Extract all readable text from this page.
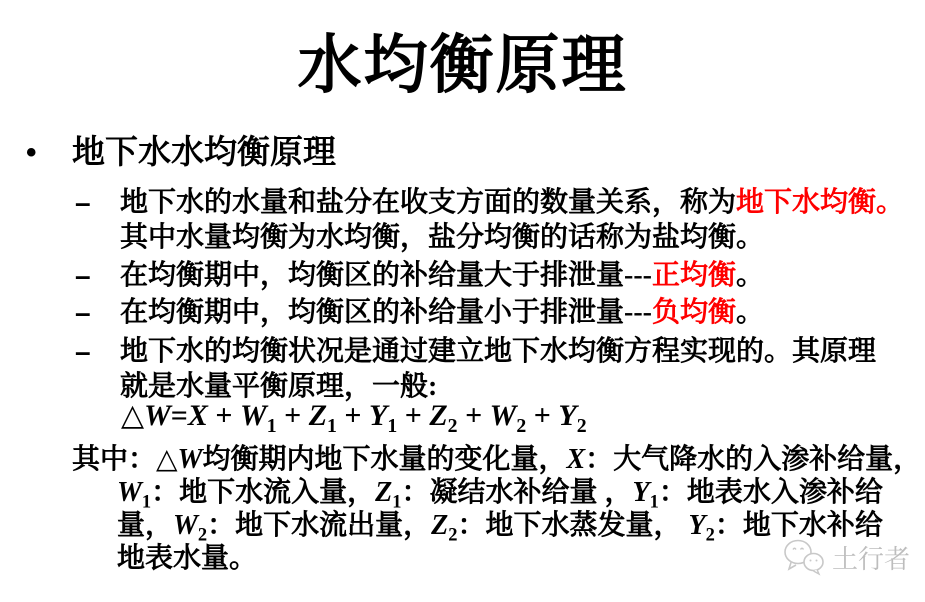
水均衡原理
• 地下水水均衡原理
– 地下水的水量和盐分在收支方面的数量关系，称为地下水均衡。
其中水量均衡为水均衡，盐分均衡的话称为盐均衡。
– 在均衡期中，均衡区的补给量大于排泄量---正均衡。
– 在均衡期中，均衡区的补给量小于排泄量---负均衡。
– 地下水的均衡状况是通过建立地下水均衡方程实现的。其原理
就是水量平衡原理，一般:
△W=X + $W_1 + Z_1 + Y_1 + Z_2 + W_2 + Y_2$
其中：△W均衡期内地下水量的变化量，X：大气降水的入渗补给量，
$W_1$：地下水流入量，$Z_1$：凝结水补给量 ，$Y_1$：地表水入渗补给
量，$W_2$：地下水流出量，$Z_2$：地下水蒸发量， $Y_2$：地下水补给
地表水量。	土行者
